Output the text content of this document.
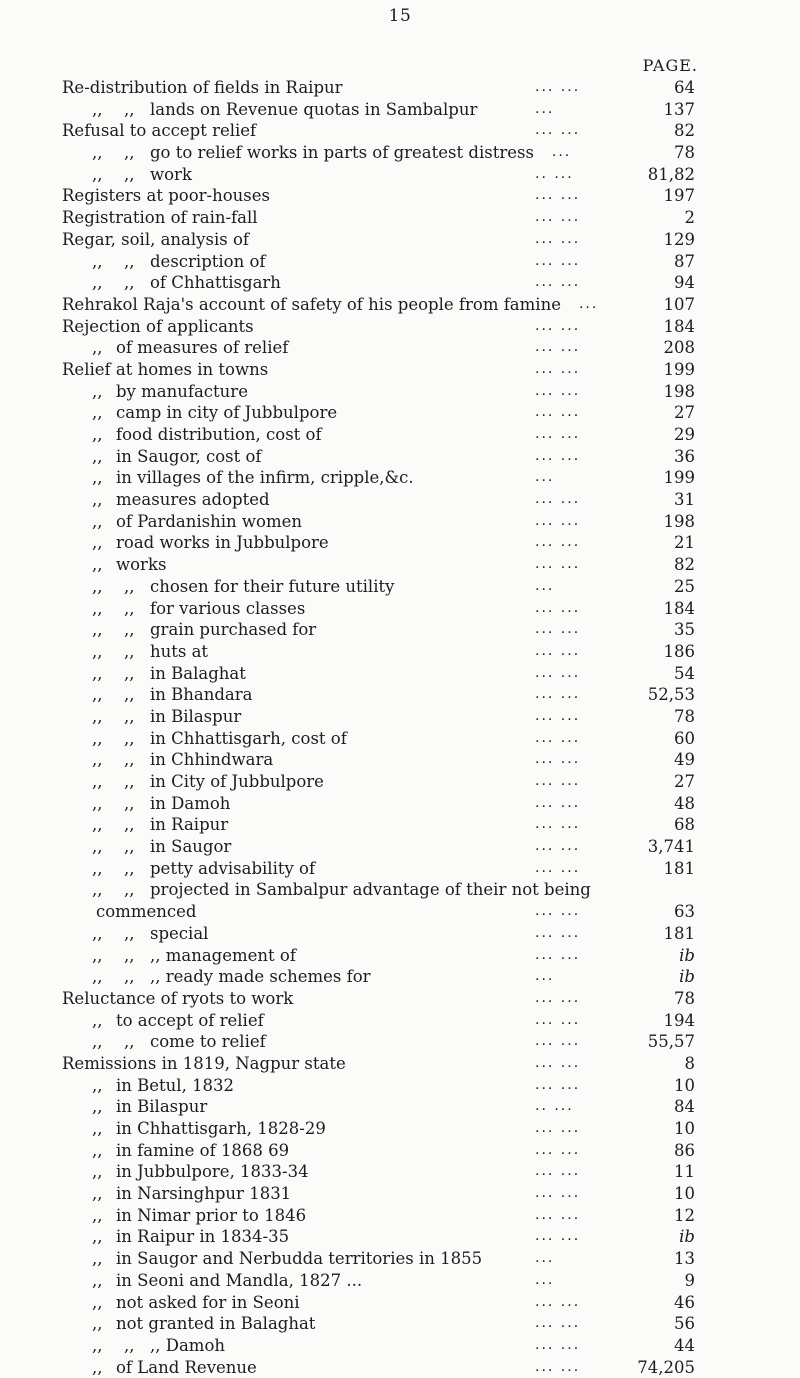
15
PAGE.
Re-distribution of fields in Raipur	... ...	64
,, ,, lands on Revenue quotas in Sambalpur	...	137
Refusal to accept relief	... ...	82
,, ,, go to relief works in parts of greatest distress ...	78
,, ,, work	.. ...	81,82
Registers at poor-houses	... ...	197
Registration of rain-fall	... ...	2
Regar, soil, analysis of	... ...	129
,, ,, description of	... ...	87
,, ,, of Chhattisgarh	... ...	94
Rehrakol Raja's account of safety of his people from famine ...	107
Rejection of applicants	... ...	184
,, of measures of relief	... ...	208
Relief at homes in towns	... ...	199
,, by manufacture	... ...	198
,, camp in city of Jubbulpore	... ...	27
,, food distribution, cost of	... ...	29
,, in Saugor, cost of	... ...	36
,, in villages of the infirm, cripple,&c.	...	199
,, measures adopted	... ...	31
,, of Pardanishin women	... ...	198
,, road works in Jubbulpore	... ...	21
,, works	... ...	82
,, ,, chosen for their future utility	...	25
,, ,, for various classes	... ...	184
,, ,, grain purchased for	... ...	35
,, ,, huts at	... ...	186
,, ,, in Balaghat	... ...	54
,, ,, in Bhandara	... ...	52,53
,, ,, in Bilaspur	... ...	78
,, ,, in Chhattisgarh, cost of	... ...	60
,, ,, in Chhindwara	... ...	49
,, ,, in City of Jubbulpore	... ...	27
,, ,, in Damoh	... ...	48
,, ,, in Raipur	... ...	68
,, ,, in Saugor	... ...	3,741
,, ,, petty advisability of	... ...	181
,, ,, projected in Sambalpur advantage of their not being
commenced	... ...	63
,, ,, special	... ...	181
,, ,, ,, management of	... ...	ib
,, ,, ,, ready made schemes for	...	ib
Reluctance of ryots to work	... ...	78
,, to accept of relief	... ...	194
,, ,, come to relief	... ...	55,57
Remissions in 1819, Nagpur state	... ...	8
,, in Betul, 1832	... ...	10
,, in Bilaspur	.. ...	84
,, in Chhattisgarh, 1828-29	... ...	10
,, in famine of 1868 69	... ...	86
,, in Jubbulpore, 1833-34	... ...	11
,, in Narsinghpur 1831	... ...	10
,, in Nimar prior to 1846	... ...	12
,, in Raipur in 1834-35	... ...	ib
,, in Saugor and Nerbudda territories in 1855	...	13
,, in Seoni and Mandla, 1827 ...	...	9
,, not asked for in Seoni	... ...	46
,, not granted in Balaghat	... ...	56
,, ,, ,, Damoh	... ...	44
,, of Land Revenue	... ...	74,205
